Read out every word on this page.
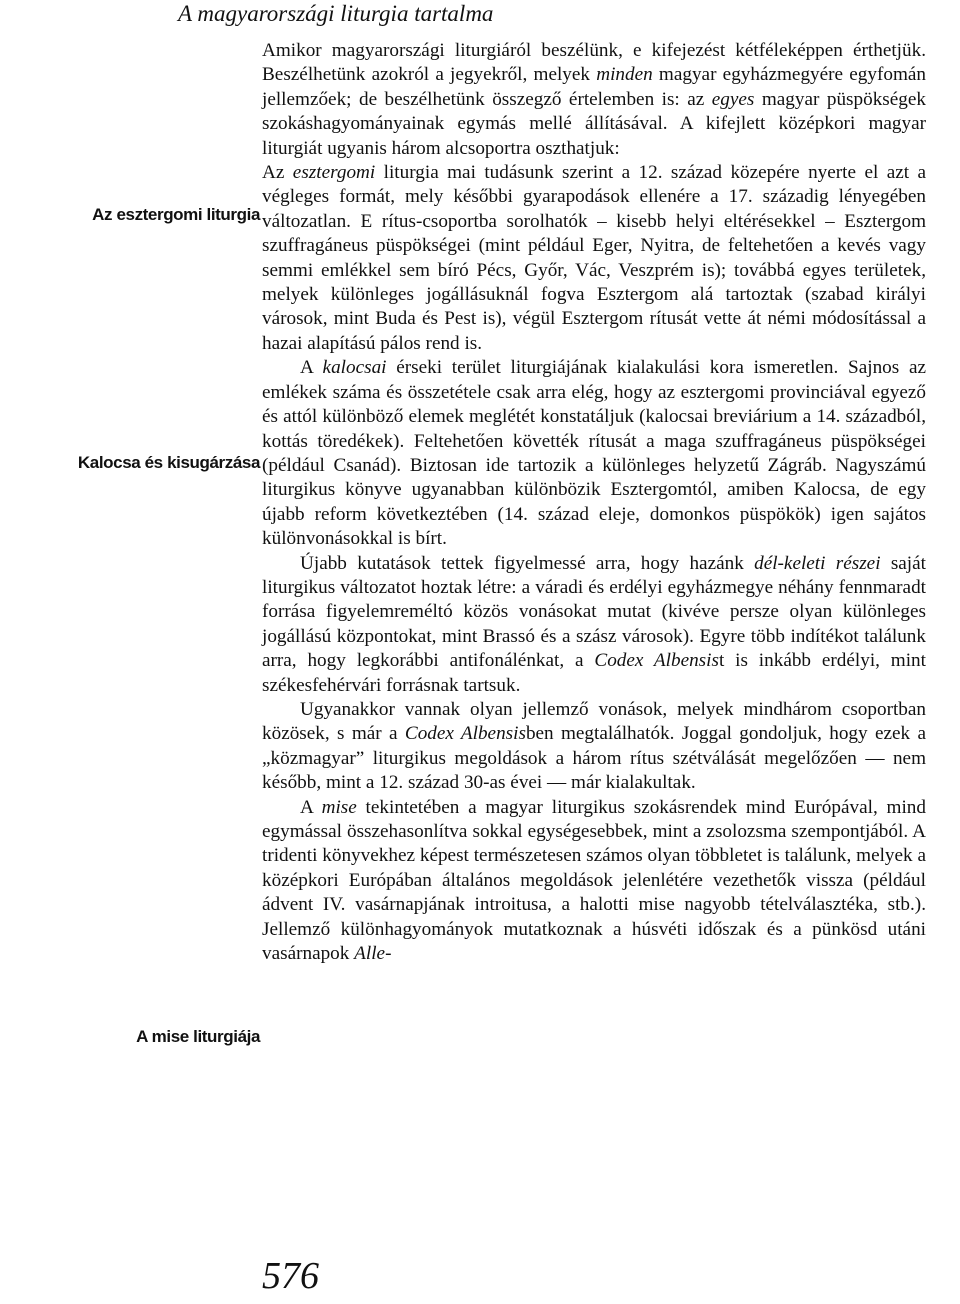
A magyarországi liturgia tartalma
Az esztergomi liturgia
Kalocsa és kisugárzása
A mise liturgiája

Amikor magyarországi liturgiáról beszélünk, e kifejezést kétféleképpen érthetjük. Beszélhetünk azokról a jegyekről, melyek minden magyar egyházmegyére egyfomán jellemzőek; de beszélhetünk összegző értelemben is: az egyes magyar püspökségek szokáshagyományainak egymás mellé állításával. A kifejlett középkori magyar liturgiát ugyanis három alcsoportra oszthatjuk:

Az esztergomi liturgia mai tudásunk szerint a 12. század közepére nyerte el azt a végleges formát, mely későbbi gyarapodások ellenére a 17. századig lényegében változatlan. E rítus-csoportba sorolhatók – kisebb helyi eltérésekkel – Esztergom szuffragáneus püspökségei (mint például Eger, Nyitra, de feltehetően a kevés vagy semmi emlékkel sem bíró Pécs, Győr, Vác, Veszprém is); továbbá egyes területek, melyek különleges jogállásuknál fogva Esztergom alá tartoztak (szabad királyi városok, mint Buda és Pest is), végül Esztergom rítusát vette át némi módosítással a hazai alapítású pálos rend is.

A kalocsai érseki terület liturgiájának kialakulási kora ismeretlen. Sajnos az emlékek száma és összetétele csak arra elég, hogy az esztergomi provinciával egyező és attól különböző elemek meglétét konstatáljuk (kalocsai breviárium a 14. századból, kottás töredékek). Feltehetően követték rítusát a maga szuffragáneus püspökségei (például Csanád). Biztosan ide tartozik a különleges helyzetű Zágráb. Nagyszámú liturgikus könyve ugyanabban különbözik Esztergomtól, amiben Kalocsa, de egy újabb reform következtében (14. század eleje, domonkos püspökök) igen sajátos különvonásokkal is bírt.

Újabb kutatások tettek figyelmessé arra, hogy hazánk dél-keleti részei saját liturgikus változatot hoztak létre: a váradi és erdélyi egyházmegye néhány fennmaradt forrása figyelemreméltó közös vonásokat mutat (kivéve persze olyan különleges jogállású központokat, mint Brassó és a szász városok). Egyre több indítékot találunk arra, hogy legkorábbi antifonálénkat, a Codex Albensist is inkább erdélyi, mint székesfehérvári forrásnak tartsuk.

Ugyanakkor vannak olyan jellemző vonások, melyek mindhárom csoportban közösek, s már a Codex Albensisben megtalálhatók. Joggal gondoljuk, hogy ezek a „közmagyar” liturgikus megoldások a három rítus szétválását megelőzően — nem később, mint a 12. század 30-as évei — már kialakultak.

A mise tekintetében a magyar liturgikus szokásrendek mind Európával, mind egymással összehasonlítva sokkal egységesebbek, mint a zsolozsma szempontjából. A tridenti könyvekhez képest természetesen számos olyan többletet is találunk, melyek a középkori Európában általános megoldások jelenlétére vezethetők vissza (például ádvent IV. vasárnapjának introitusa, a halotti mise nagyobb tételválasztéka, stb.). Jellemző különhagyományok mutatkoznak a húsvéti időszak és a pünkösd utáni vasárnapok Alle-

576
